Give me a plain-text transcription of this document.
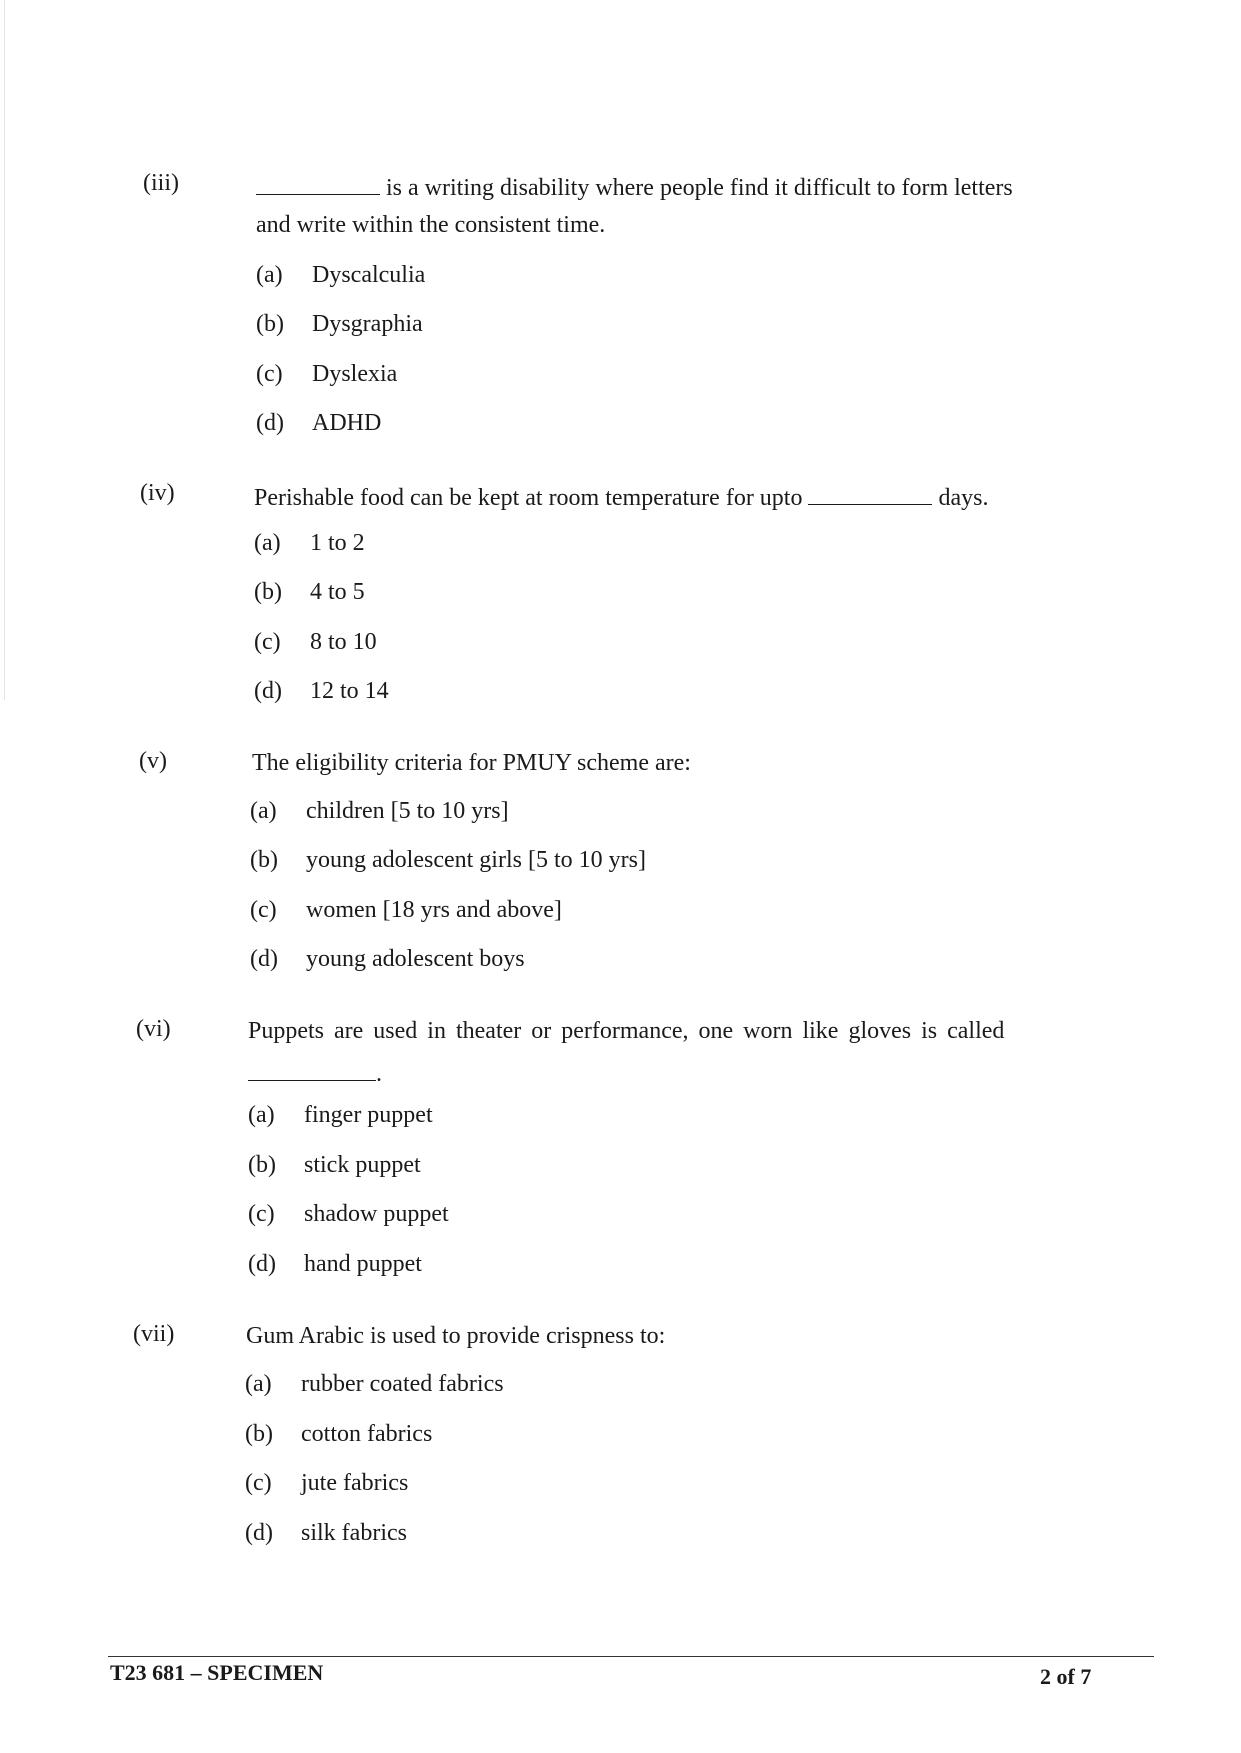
(iii)	is a writing disability where people find it difficult to form letters
and write within the consistent time.
(a) Dyscalculia
(b) Dysgraphia
(c) Dyslexia
(d) ADHD
(iv)	Perishable food can be kept at room temperature for upto	days.
(a) 1 to 2
(b) 4 to 5
(c) 8 to 10
(d) 12 to 14
(v)	The eligibility criteria for PMUY scheme are:
(a) children [5 to 10 yrs]
(b) young adolescent girls [5 to 10 yrs]
(c) women [18 yrs and above]
(d) young adolescent boys
(vi)	Puppets are used in theater or performance, one worn like gloves is called
.
(a) finger puppet
(b) stick puppet
(c) shadow puppet
(d) hand puppet
(vii)	Gum Arabic is used to provide crispness to:
(a) rubber coated fabrics
(b) cotton fabrics
(c) jute fabrics
(d) silk fabrics
T23 681 – SPECIMEN	2 of 7
